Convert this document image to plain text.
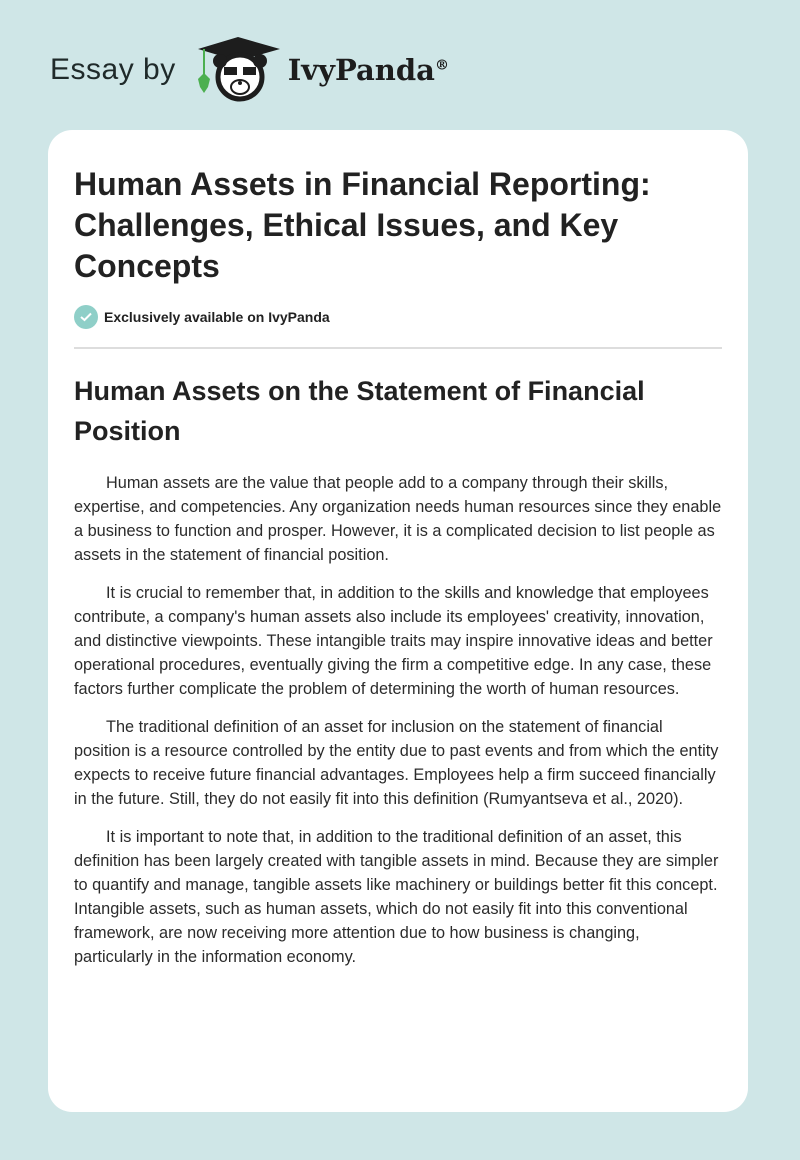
Essay by	IvyPanda®
Human Assets in Financial Reporting: Challenges, Ethical Issues, and Key Concepts
Exclusively available on IvyPanda
Human Assets on the Statement of Financial Position

Human assets are the value that people add to a company through their skills, expertise, and competencies. Any organization needs human resources since they enable a business to function and prosper. However, it is a complicated decision to list people as assets in the statement of financial position.

It is crucial to remember that, in addition to the skills and knowledge that employees contribute, a company's human assets also include its employees' creativity, innovation, and distinctive viewpoints. These intangible traits may inspire innovative ideas and better operational procedures, eventually giving the firm a competitive edge. In any case, these factors further complicate the problem of determining the worth of human resources.

The traditional definition of an asset for inclusion on the statement of financial position is a resource controlled by the entity due to past events and from which the entity expects to receive future financial advantages. Employees help a firm succeed financially in the future. Still, they do not easily fit into this definition (Rumyantseva et al., 2020).

It is important to note that, in addition to the traditional definition of an asset, this definition has been largely created with tangible assets in mind. Because they are simpler to quantify and manage, tangible assets like machinery or buildings better fit this concept. Intangible assets, such as human assets, which do not easily fit into this conventional framework, are now receiving more attention due to how business is changing, particularly in the information economy.
